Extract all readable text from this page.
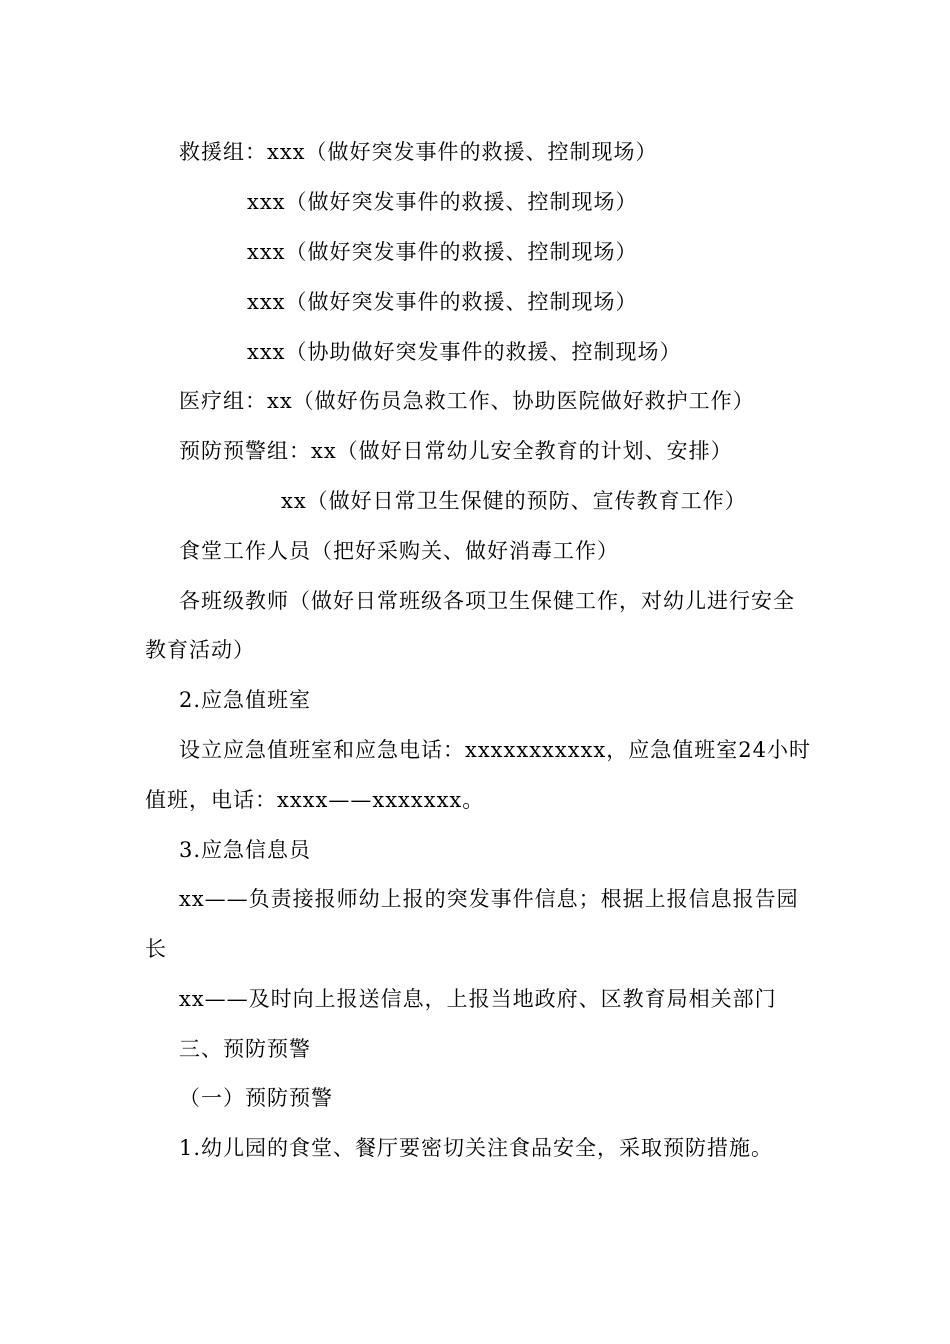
救援组：xxx（做好突发事件的救援、控制现场）
xxx（做好突发事件的救援、控制现场）
xxx（做好突发事件的救援、控制现场）
xxx（做好突发事件的救援、控制现场）
xxx（协助做好突发事件的救援、控制现场）
医疗组：xx（做好伤员急救工作、协助医院做好救护工作）
预防预警组：xx（做好日常幼儿安全教育的计划、安排）
xx（做好日常卫生保健的预防、宣传教育工作）
食堂工作人员（把好采购关、做好消毒工作）
各班级教师（做好日常班级各项卫生保健工作，对幼儿进行安全
教育活动）
2.应急值班室
设立应急值班室和应急电话：xxxxxxxxxxx，应急值班室24小时
值班，电话：xxxx——xxxxxxx。
3.应急信息员
xx——负责接报师幼上报的突发事件信息；根据上报信息报告园
长
xx——及时向上报送信息，上报当地政府、区教育局相关部门
三、预防预警
（一）预防预警
1.幼儿园的食堂、餐厅要密切关注食品安全，采取预防措施。
